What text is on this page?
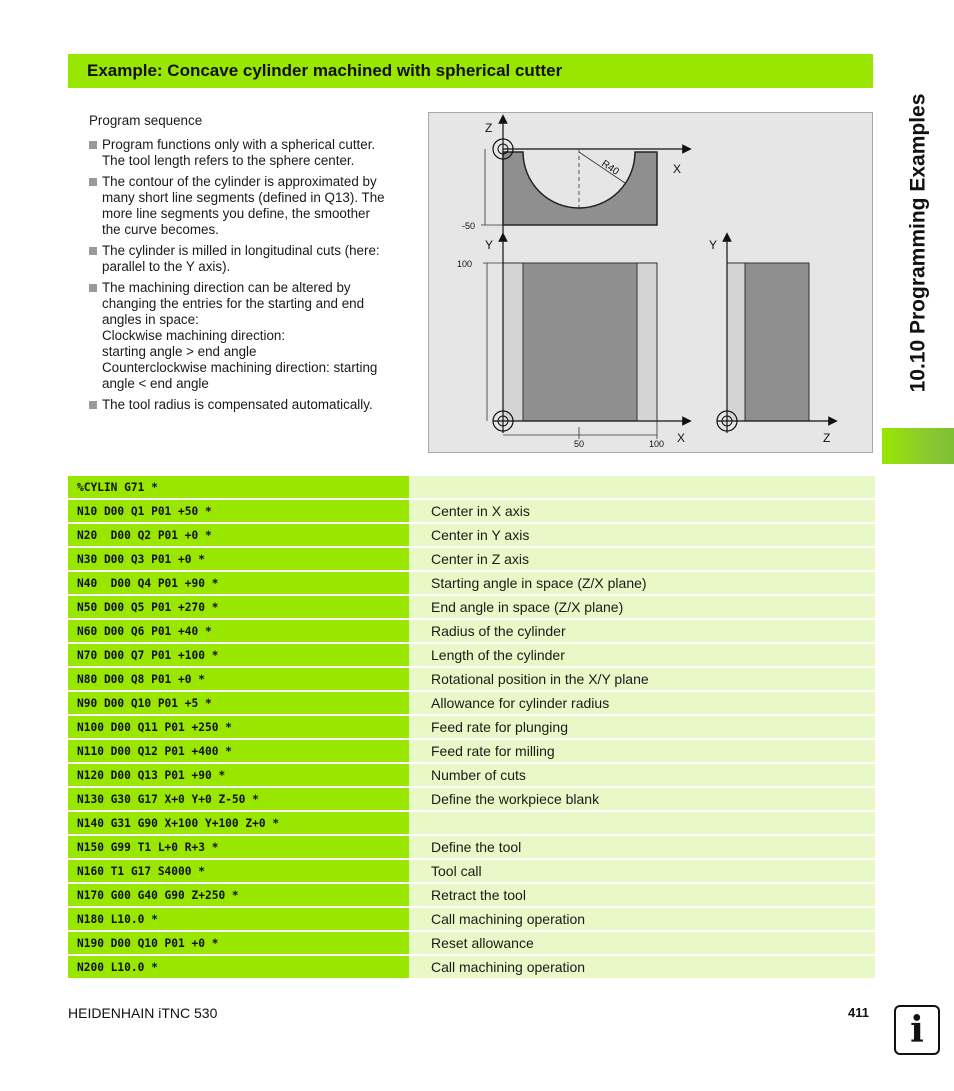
Example: Concave cylinder machined with spherical cutter
10.10 Programming Examples
Program sequence
Program functions only with a spherical cutter.
The tool length refers to the sphere center.
The contour of the cylinder is approximated by
many short line segments (defined in Q13). The
more line segments you define, the smoother
the curve becomes.
The cylinder is milled in longitudinal cuts (here:
parallel to the Y axis).
The machining direction can be altered by
changing the entries for the starting and end
angles in space:
Clockwise machining direction:
starting angle > end angle
Counterclockwise machining direction: starting
angle < end angle
The tool radius is compensated automatically.
Z
X
R40
-50
Y
X
100
50	100
Y
Z
%CYLIN G71 *
N10 D00 Q1 P01 +50 *	Center in X axis
N20  D00 Q2 P01 +0 *	Center in Y axis
N30 D00 Q3 P01 +0 *	Center in Z axis
N40  D00 Q4 P01 +90 *	Starting angle in space (Z/X plane)
N50 D00 Q5 P01 +270 *	End angle in space (Z/X plane)
N60 D00 Q6 P01 +40 *	Radius of the cylinder
N70 D00 Q7 P01 +100 *	Length of the cylinder
N80 D00 Q8 P01 +0 *	Rotational position in the X/Y plane
N90 D00 Q10 P01 +5 *	Allowance for cylinder radius
N100 D00 Q11 P01 +250 *	Feed rate for plunging
N110 D00 Q12 P01 +400 *	Feed rate for milling
N120 D00 Q13 P01 +90 *	Number of cuts
N130 G30 G17 X+0 Y+0 Z-50 *	Define the workpiece blank
N140 G31 G90 X+100 Y+100 Z+0 *
N150 G99 T1 L+0 R+3 *	Define the tool
N160 T1 G17 S4000 *	Tool call
N170 G00 G40 G90 Z+250 *	Retract the tool
N180 L10.0 *	Call machining operation
N190 D00 Q10 P01 +0 *	Reset allowance
N200 L10.0 *	Call machining operation
HEIDENHAIN iTNC 530	411	i
